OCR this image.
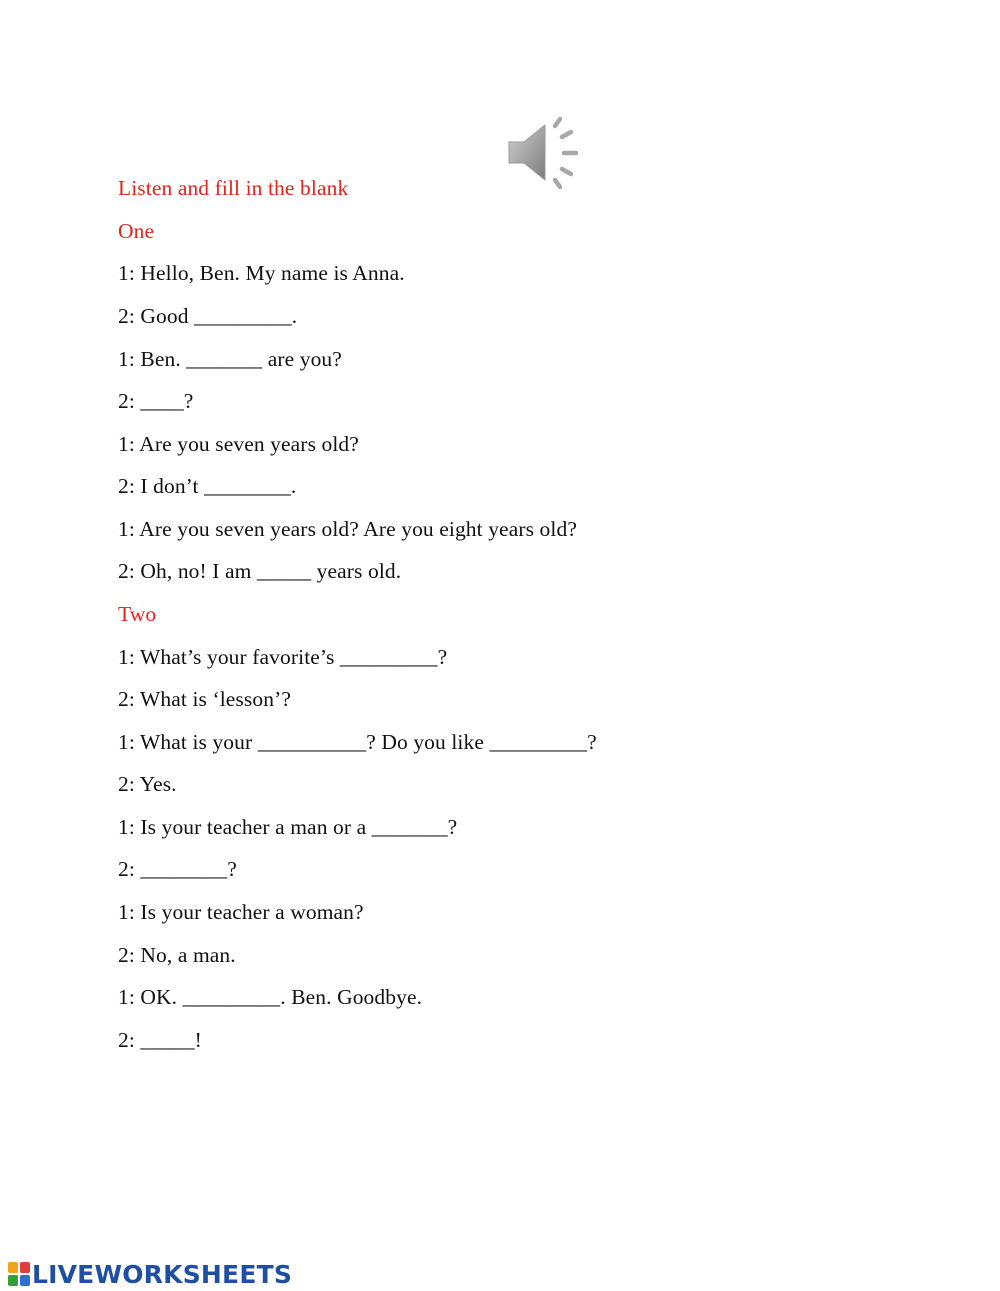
Listen and fill in the blank
One
1: Hello, Ben. My name is Anna.
2: Good _________.
1: Ben. _______ are you?
2: ____?
1: Are you seven years old?
2: I don’t ________.
1: Are you seven years old? Are you eight years old?
2: Oh, no! I am _____ years old.
Two
1: What’s your favorite’s _________?
2: What is ‘lesson’?
1: What is your __________? Do you like _________?
2: Yes.
1: Is your teacher a man or a _______?
2: ________?
1: Is your teacher a woman?
2: No, a man.
1: OK. _________. Ben. Goodbye.
2: _____!
LIVEWORKSHEETS
